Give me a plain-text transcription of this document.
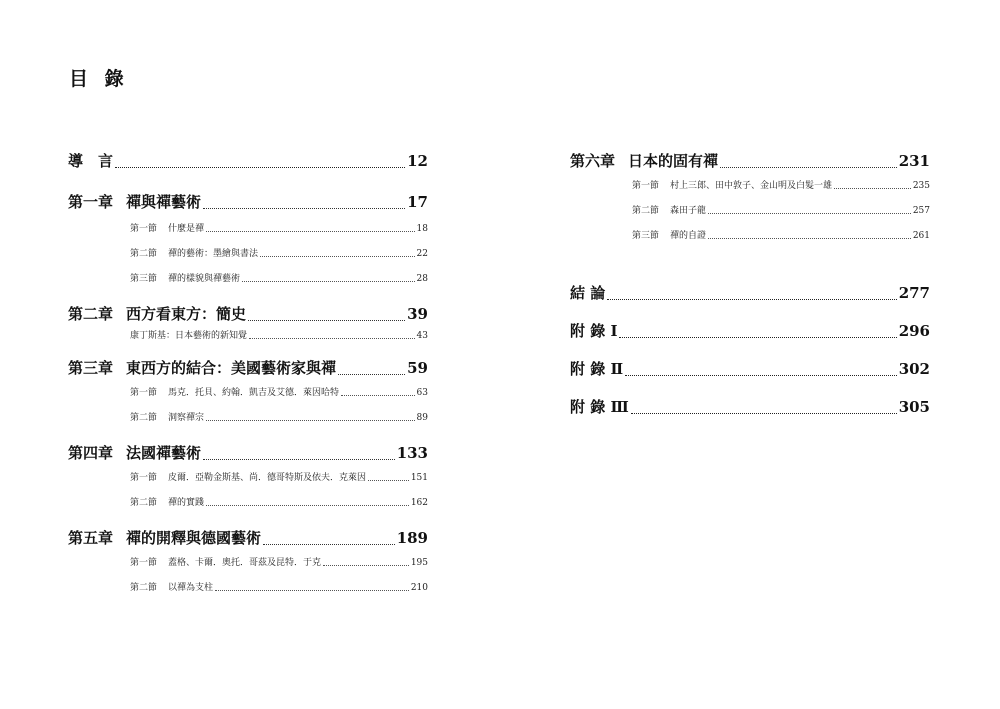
目 錄
導　言	12
第一章 禪與禪藝術	17
第一節 什麼是禪	18
第二節 禪的藝術：墨繪與書法	22
第三節 禪的樣貌與禪藝術	28
第二章 西方看東方：簡史	39
康丁斯基：日本藝術的新知覺	43
第三章 東西方的結合：美國藝術家與禪	59
第一節 馬克．托貝、約翰．凱吉及艾德．萊因哈特	63
第二節 洞察禪宗	89
第四章 法國禪藝術	133
第一節 皮爾．亞勒金斯基、尚．德哥特斯及依夫．克萊因	151
第二節 禪的實踐	162
第五章 禪的開釋與德國藝術	189
第一節 蓋格、卡爾．奧托．哥茲及昆特．于克	195
第二節 以禪為支柱	210
第六章 日本的固有禪	231
第一節 村上三郎、田中敦子、金山明及白髮一雄	235
第二節 森田子龍	257
第三節 禪的自證	261
結 論	277
附 錄 Ⅰ	296
附 錄 Ⅱ	302
附 錄 Ⅲ	305
